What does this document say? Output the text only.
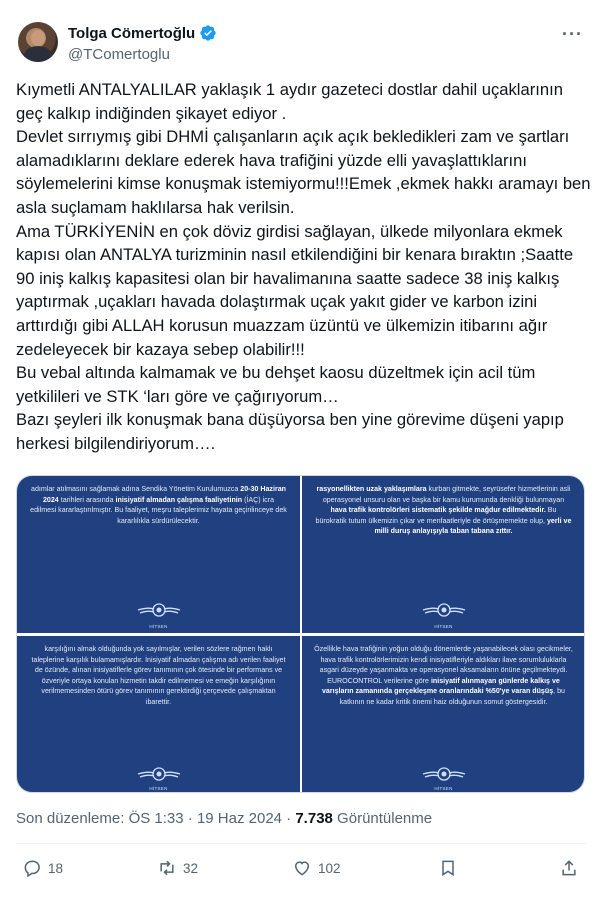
Tolga Cömertoğlu
@TComertoglu
···
Kıymetli ANTALYALILAR yaklaşık 1 aydır gazeteci dostlar dahil uçaklarının geç kalkıp indiğinden şikayet ediyor .
Devlet sırrıymış gibi DHMİ çalışanların açık açık bekledikleri zam ve şartları alamadıklarını deklare ederek hava trafiğini yüzde elli yavaşlattıklarını söylemelerini kimse konuşmak istemiyormu!!!Emek ,ekmek hakkı aramayı ben asla suçlamam haklılarsa hak verilsin.
Ama TÜRKİYENİN en çok döviz girdisi sağlayan, ülkede milyonlara ekmek kapısı olan ANTALYA turizminin nasıl etkilendiğini bir kenara bıraktın ;Saatte 90 iniş kalkış kapasitesi olan bir havalimanına saatte sadece 38 iniş kalkış yaptırmak ,uçakları havada dolaştırmak uçak yakıt gider ve karbon izini arttırdığı gibi ALLAH korusun muazzam üzüntü ve ülkemizin itibarını ağır zedeleyecek bir kazaya sebep olabilir!!!
Bu vebal altında kalmamak ve bu dehşet kaosu düzeltmek için acil tüm yetkilileri ve STK ‘ları göre ve çağırıyorum…
Bazı şeyleri ilk konuşmak bana düşüyorsa ben yine görevime düşeni yapıp herkesi bilgilendiriyorum….
adımlar atılmasını sağlamak adına Sendika Yönetim Kurulumuzca 20-30 Haziran 2024 tarihleri arasında inisiyatif almadan çalışma faaliyetinin (İAÇ) icra edilmesi kararlaştırılmıştır. Bu faaliyet, meşru taleplerimiz hayata geçirilinceye dek kararlılıkla sürdürülecektir.
HİTSEN
rasyonellikten uzak yaklaşımlara kurban gitmekte, seyrüsefer hizmetlerinin asli operasyonel unsuru olan ve başka bir kamu kurumunda denkliği bulunmayan hava trafik kontrolörleri sistematik şekilde mağdur edilmektedir. Bu bürokratik tutum ülkemizin çıkar ve menfaatleriyle de örtüşmemekte olup, yerli ve milli duruş anlayışıyla taban tabana zıttır.
HİTSEN
karşılığını almak olduğunda yok sayılmışlar, verilen sözlere rağmen haklı taleplerine karşılık bulamamışlardır. İnisiyatif almadan çalışma adı verilen faaliyet de özünde, alınan inisiyatiflerle görev tanımının çok ötesinde bir performans ve özveriyle ortaya konulan hizmetin takdir edilmemesi ve emeğin karşılığının verilmemesinden ötürü görev tanımının gerektirdiği çerçevede çalışmaktan ibarettir.
HİTSEN
Özellikle hava trafiğinin yoğun olduğu dönemlerde yaşanabilecek olası gecikmeler, hava trafik kontrolörlerimizin kendi inisiyatifleriyle aldıkları ilave sorumluluklarla asgari düzeyde yaşanmakta ve operasyonel aksamaların önüne geçilmekteydi. EUROCONTROL verilerine göre inisiyatif alınmayan günlerde kalkış ve varışların zamanında gerçekleşme oranlarındaki %50'ye varan düşüş, bu katkının ne kadar kritik önemi haiz olduğunun somut göstergesidir.
HİTSEN
Son düzenleme: ÖS 1:33 · 19 Haz 2024 · 7.738 Görüntülenme
18	32	102
